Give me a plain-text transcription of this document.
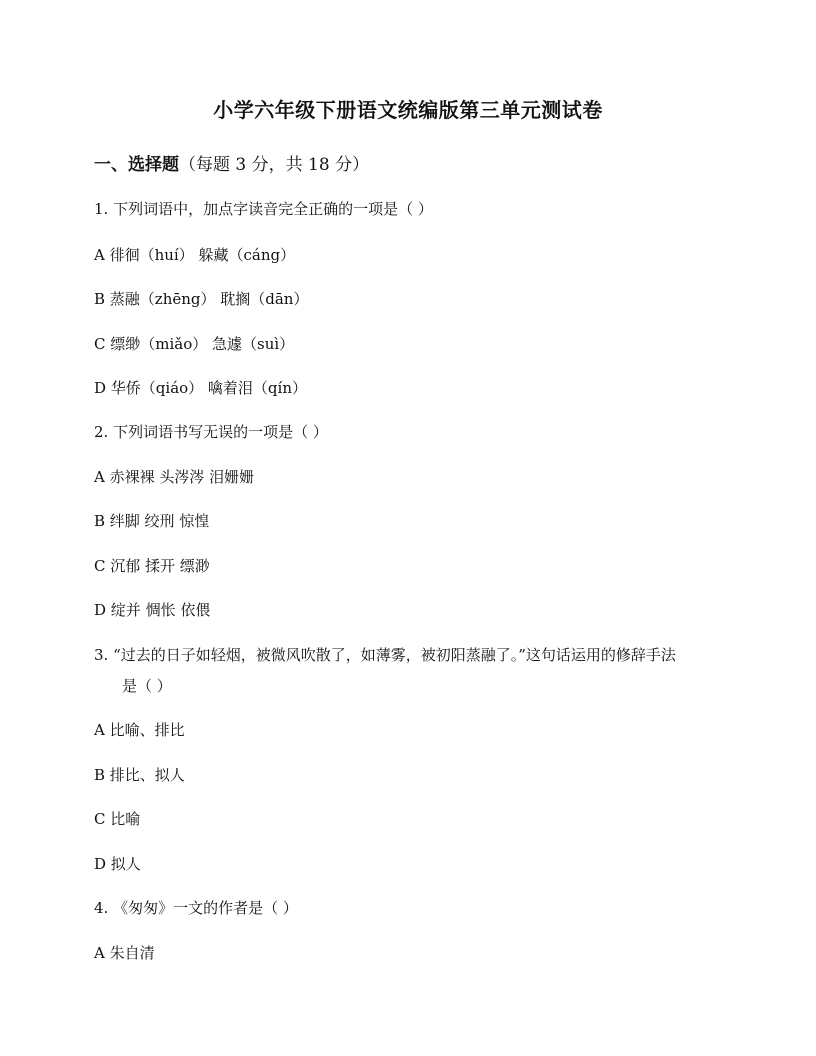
小学六年级下册语文统编版第三单元测试卷
一、选择题（每题 3 分，共 18 分）
1. 下列词语中，加点字读音完全正确的一项是（ ）
A 徘徊（huí） 躲藏（cáng）
B 蒸融（zhēng） 耽搁（dān）
C 缥缈（miǎo） 急遽（suì）
D 华侨（qiáo） 噙着泪（qín）
2. 下列词语书写无误的一项是（ ）
A 赤裸裸 头涔涔 泪姗姗
B 绊脚 绞刑 惊惶
C 沉郁 揉开 缥渺
D 绽并 惆怅 依偎
3. “过去的日子如轻烟，被微风吹散了，如薄雾，被初阳蒸融了。”这句话运用的修辞手法
是（ ）
A 比喻、排比
B 排比、拟人
C 比喻
D 拟人
4. 《匆匆》一文的作者是（ ）
A 朱自清
